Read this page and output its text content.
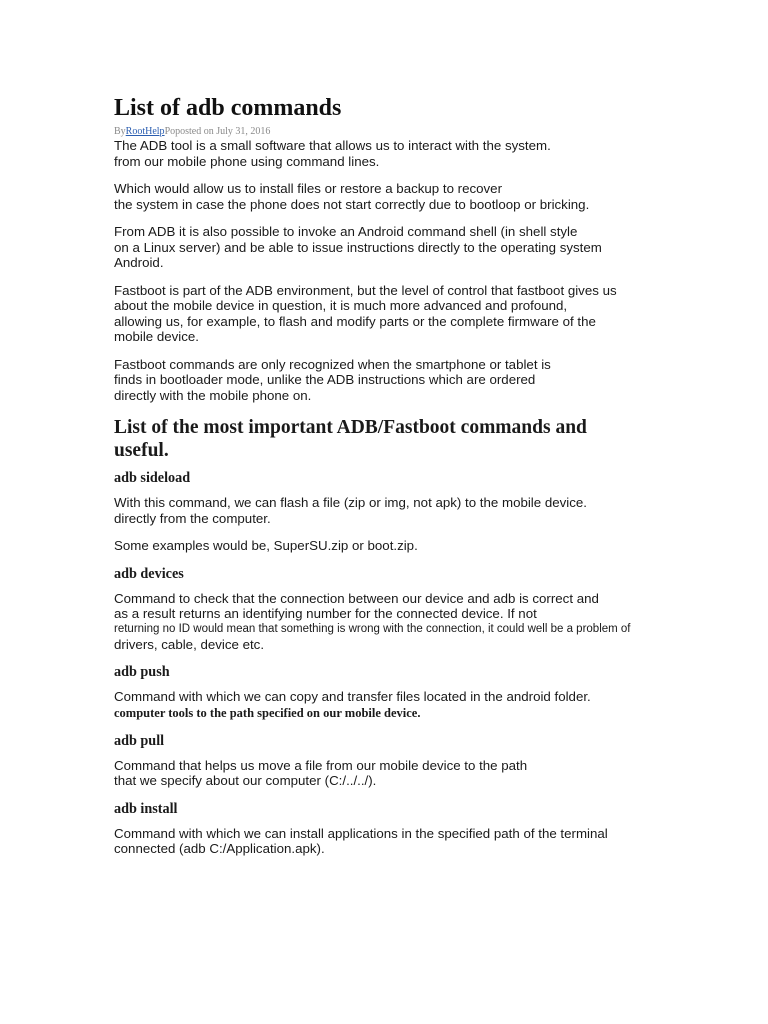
List of adb commands

ByRootHelpPoposted on July 31, 2016

The ADB tool is a small software that allows us to interact with the system.
from our mobile phone using command lines.

Which would allow us to install files or restore a backup to recover
the system in case the phone does not start correctly due to bootloop or bricking.

From ADB it is also possible to invoke an Android command shell (in shell style
on a Linux server) and be able to issue instructions directly to the operating system
Android.

Fastboot is part of the ADB environment, but the level of control that fastboot gives us
about the mobile device in question, it is much more advanced and profound,
allowing us, for example, to flash and modify parts or the complete firmware of the
mobile device.

Fastboot commands are only recognized when the smartphone or tablet is
finds in bootloader mode, unlike the ADB instructions which are ordered
directly with the mobile phone on.

List of the most important ADB/Fastboot commands and
useful.
adb sideload

With this command, we can flash a file (zip or img, not apk) to the mobile device.
directly from the computer.

Some examples would be, SuperSU.zip or boot.zip.

adb devices

Command to check that the connection between our device and adb is correct and
as a result returns an identifying number for the connected device. If not

returning no ID would mean that something is wrong with the connection, it could well be a problem of

drivers, cable, device etc.

adb push

Command with which we can copy and transfer files located in the android folder.

computer tools to the path specified on our mobile device.

adb pull

Command that helps us move a file from our mobile device to the path
that we specify about our computer (C:/../../).

adb install

Command with which we can install applications in the specified path of the terminal
connected (adb C:/Application.apk).
